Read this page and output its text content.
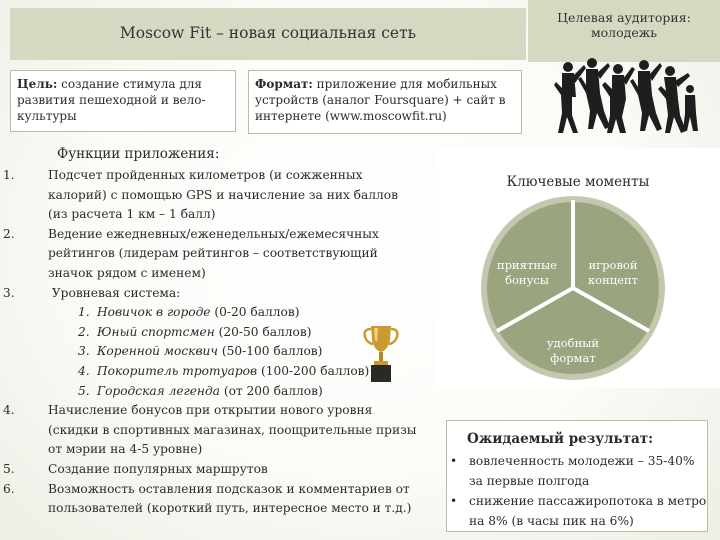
Moscow Fit – новая социальная сеть
Целевая аудитория:
молодежь
Цель: создание стимула для
развития пешеходной и вело-
культуры
Формат: приложение для мобильных
устройств (аналог Foursquare) + сайт в
интернете (www.moscowfit.ru)
Функции приложения:
1.	Подсчет пройденных километров (и сожженных
калорий) с помощью GPS и начисление за них баллов
(из расчета 1 км – 1 балл)
2.	Ведение ежедневных/еженедельных/ежемесячных
рейтингов (лидерам рейтингов – соответствующий
значок рядом с именем)
3.	Уровневая система:
1. Новичок в городе (0-20 баллов)
2. Юный спортсмен (20-50 баллов)
3. Коренной москвич (50-100 баллов)
4. Покоритель тротуаров (100-200 баллов)
5. Городская легенда (от 200 баллов)
4.	Начисление бонусов при открытии нового уровня
(скидки в спортивных магазинах, поощрительные призы
от мэрии на 4-5 уровне)
5.	Создание популярных маршрутов
6.	Возможность оставления подсказок и комментариев от
пользователей (короткий путь, интересное место и т.д.)
Ключевые моменты
приятные
бонусы
игровой
концепт
удобный
формат
Ожидаемый результат:
• вовлеченность молодежи – 35-40%
за первые полгода
• снижение пассажиропотока в метро
на 8% (в часы пик на 6%)
